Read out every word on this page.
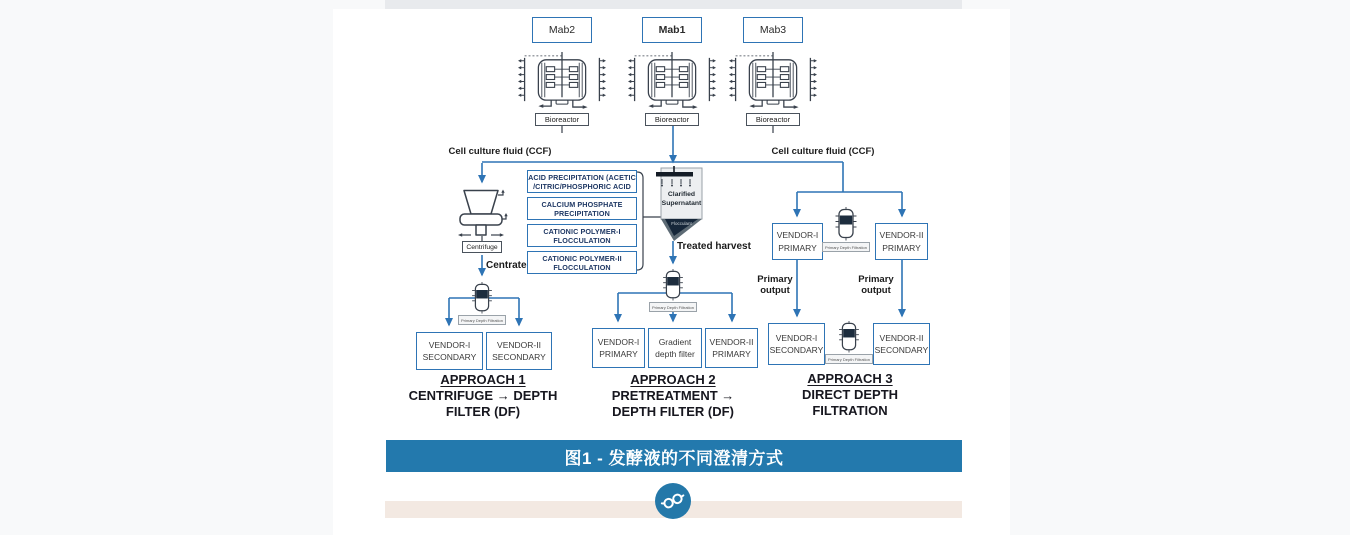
Mab2
Bioreactor
Mab1
Bioreactor
Mab3
Bioreactor
Cell culture fluid (CCF)	Cell culture fluid (CCF)
Centrifuge
Centrate
Primary Depth Filtration
VENDOR-I
SECONDARY
VENDOR-II
SECONDARY
APPROACH 1
CENTRIFUGE → DEPTH
FILTER (DF)
ACID PRECIPITATION (ACETIC
/CITRIC/PHOSPHORIC ACID
CALCIUM PHOSPHATE
PRECIPITATION
CATIONIC POLYMER-I
FLOCCULATION
CATIONIC POLYMER-II
FLOCCULATION
Clarified
Supernatant
Flocculant
Treated harvest
Primary Depth Filtration
VENDOR-I
PRIMARY
Gradient
depth filter
VENDOR-II
PRIMARY
APPROACH 2
PRETREATMENT →
DEPTH FILTER (DF)
VENDOR-I
PRIMARY	Primary Depth Filtration
VENDOR-II
PRIMARY
Primary
output
Primary
output
VENDOR-I
SECONDARY
Primary Depth Filtration
VENDOR-II
SECONDARY
APPROACH 3
DIRECT DEPTH
FILTRATION
图1 - 发酵液的不同澄清方式
